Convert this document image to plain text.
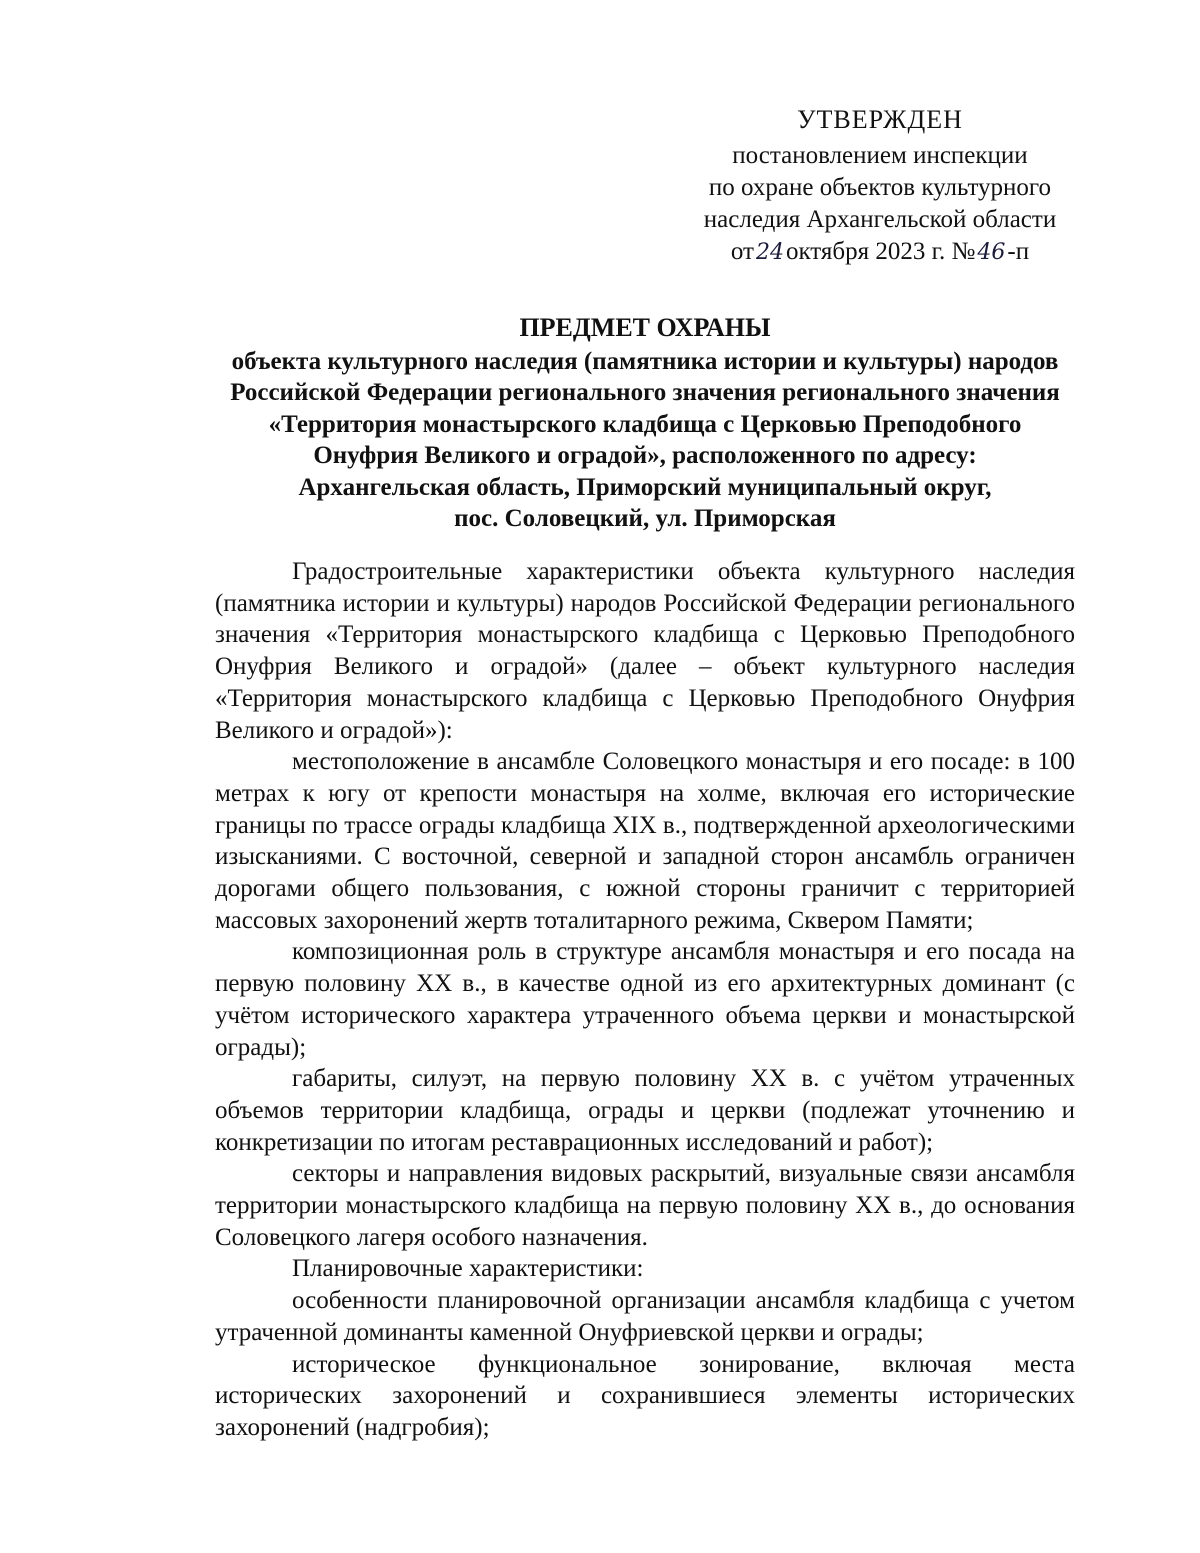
УТВЕРЖДЕН
постановлением инспекции
по охране объектов культурного
наследия Архангельской области
от24октября 2023 г. №46-п
ПРЕДМЕТ ОХРАНЫ
объекта культурного наследия (памятника истории и культуры) народов
Российской Федерации регионального значения регионального значения
«Территория монастырского кладбища с Церковью Преподобного
Онуфрия Великого и оградой», расположенного по адресу:
Архангельская область, Приморский муниципальный округ,
пос. Соловецкий, ул. Приморская

Градостроительные характеристики объекта культурного наследия (памятника истории и культуры) народов Российской Федерации регионального значения «Территория монастырского кладбища с Церковью Преподобного Онуфрия Великого и оградой» (далее – объект культурного наследия «Территория монастырского кладбища с Церковью Преподобного Онуфрия Великого и оградой»):

местоположение в ансамбле Соловецкого монастыря и его посаде: в 100 метрах к югу от крепости монастыря на холме, включая его исторические границы по трассе ограды кладбища XIX в., подтвержденной археологическими изысканиями. С восточной, северной и западной сторон ансамбль ограничен дорогами общего пользования, с южной стороны граничит с территорией массовых захоронений жертв тоталитарного режима, Сквером Памяти;

композиционная роль в структуре ансамбля монастыря и его посада на первую половину XX в., в качестве одной из его архитектурных доминант (с учётом исторического характера утраченного объема церкви и монастырской ограды);

габариты, силуэт, на первую половину XX в. с учётом утраченных объемов территории кладбища, ограды и церкви (подлежат уточнению и конкретизации по итогам реставрационных исследований и работ);

секторы и направления видовых раскрытий, визуальные связи ансамбля территории монастырского кладбища на первую половину XX в., до основания Соловецкого лагеря особого назначения.

Планировочные характеристики:

особенности планировочной организации ансамбля кладбища с учетом утраченной доминанты каменной Онуфриевской церкви и ограды;

историческое функциональное зонирование, включая места исторических захоронений и сохранившиеся элементы исторических захоронений (надгробия);
